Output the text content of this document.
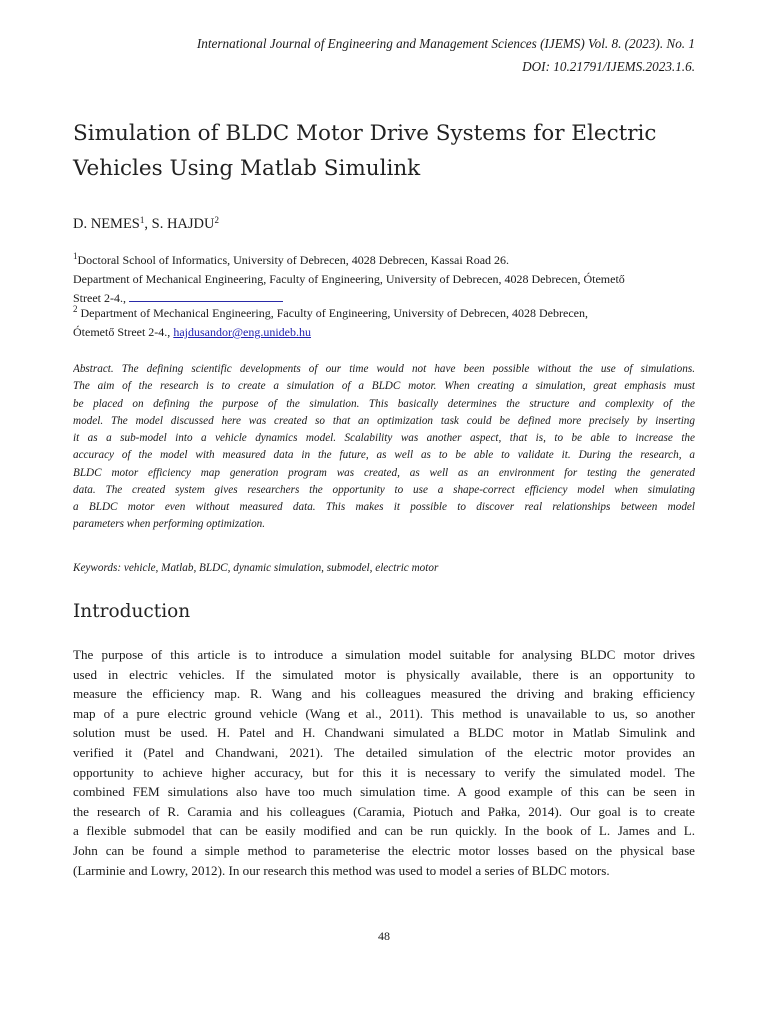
International Journal of Engineering and Management Sciences (IJEMS) Vol. 8. (2023). No. 1
DOI: 10.21791/IJEMS.2023.1.6.
Simulation of BLDC Motor Drive Systems for Electric
Vehicles Using Matlab Simulink
D. NEMES$^1$, S. HAJDU$^2$
$^1$Doctoral School of Informatics, University of Debrecen, 4028 Debrecen, Kassai Road 26.
Department of Mechanical Engineering, Faculty of Engineering, University of Debrecen, 4028 Debrecen, Ótemető
Street 2-4.,
$^2$ Department of Mechanical Engineering, Faculty of Engineering, University of Debrecen, 4028 Debrecen,
Ótemető Street 2-4., hajdusandor@eng.unideb.hu
Abstract. The defining scientific developments of our time would not have been possible without the use of simulations.
The aim of the research is to create a simulation of a BLDC motor. When creating a simulation, great emphasis must
be placed on defining the purpose of the simulation. This basically determines the structure and complexity of the
model. The model discussed here was created so that an optimization task could be defined more precisely by inserting
it as a sub-model into a vehicle dynamics model. Scalability was another aspect, that is, to be able to increase the
accuracy of the model with measured data in the future, as well as to be able to validate it. During the research, a
BLDC motor efficiency map generation program was created, as well as an environment for testing the generated
data. The created system gives researchers the opportunity to use a shape-correct efficiency model when simulating
a BLDC motor even without measured data. This makes it possible to discover real relationships between model
parameters when performing optimization.
Keywords: vehicle, Matlab, BLDC, dynamic simulation, submodel, electric motor
Introduction
The purpose of this article is to introduce a simulation model suitable for analysing BLDC motor drives
used in electric vehicles. If the simulated motor is physically available, there is an opportunity to
measure the efficiency map. R. Wang and his colleagues measured the driving and braking efficiency
map of a pure electric ground vehicle (Wang et al., 2011). This method is unavailable to us, so another
solution must be used. H. Patel and H. Chandwani simulated a BLDC motor in Matlab Simulink and
verified it (Patel and Chandwani, 2021). The detailed simulation of the electric motor provides an
opportunity to achieve higher accuracy, but for this it is necessary to verify the simulated model. The
combined FEM simulations also have too much simulation time. A good example of this can be seen in
the research of R. Caramia and his colleagues (Caramia, Piotuch and Pałka, 2014). Our goal is to create
a flexible submodel that can be easily modified and can be run quickly. In the book of L. James and L.
John can be found a simple method to parameterise the electric motor losses based on the physical base
(Larminie and Lowry, 2012). In our research this method was used to model a series of BLDC motors.
48
